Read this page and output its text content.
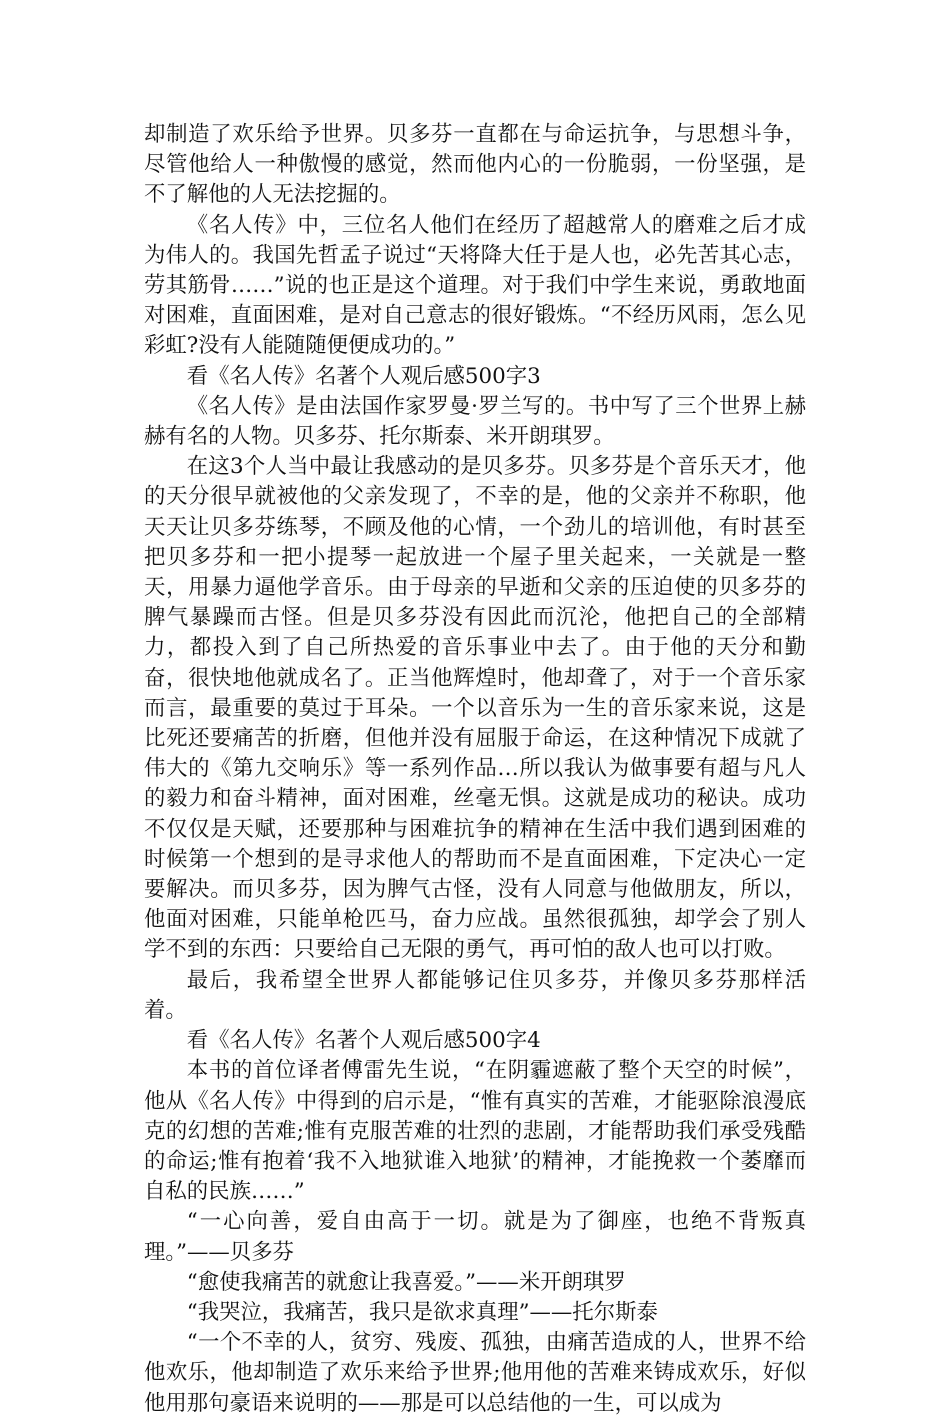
却制造了欢乐给予世界。贝多芬一直都在与命运抗争，与思想斗争，尽管他给人一种傲慢的感觉，然而他内心的一份脆弱，一份坚强，是不了解他的人无法挖掘的。

《名人传》中，三位名人他们在经历了超越常人的磨难之后才成为伟人的。我国先哲孟子说过“天将降大任于是人也，必先苦其心志，劳其筋骨……”说的也正是这个道理。对于我们中学生来说，勇敢地面对困难，直面困难，是对自己意志的很好锻炼。“不经历风雨，怎么见彩虹?没有人能随随便便成功的。”

看《名人传》名著个人观后感500字3

《名人传》是由法国作家罗曼·罗兰写的。书中写了三个世界上赫赫有名的人物。贝多芬、托尔斯泰、米开朗琪罗。

在这3个人当中最让我感动的是贝多芬。贝多芬是个音乐天才，他的天分很早就被他的父亲发现了，不幸的是，他的父亲并不称职，他天天让贝多芬练琴，不顾及他的心情，一个劲儿的培训他，有时甚至把贝多芬和一把小提琴一起放进一个屋子里关起来，一关就是一整天，用暴力逼他学音乐。由于母亲的早逝和父亲的压迫使的贝多芬的脾气暴躁而古怪。但是贝多芬没有因此而沉沦，他把自己的全部精力，都投入到了自己所热爱的音乐事业中去了。由于他的天分和勤奋，很快地他就成名了。正当他辉煌时，他却聋了，对于一个音乐家而言，最重要的莫过于耳朵。一个以音乐为一生的音乐家来说，这是比死还要痛苦的折磨，但他并没有屈服于命运，在这种情况下成就了伟大的《第九交响乐》等一系列作品…所以我认为做事要有超与凡人的毅力和奋斗精神，面对困难，丝毫无惧。这就是成功的秘诀。成功不仅仅是天赋，还要那种与困难抗争的精神在生活中我们遇到困难的时候第一个想到的是寻求他人的帮助而不是直面困难，下定决心一定要解决。而贝多芬，因为脾气古怪，没有人同意与他做朋友，所以，他面对困难，只能单枪匹马，奋力应战。虽然很孤独，却学会了别人学不到的东西：只要给自己无限的勇气，再可怕的敌人也可以打败。

最后，我希望全世界人都能够记住贝多芬，并像贝多芬那样活着。

看《名人传》名著个人观后感500字4

本书的首位译者傅雷先生说，“在阴霾遮蔽了整个天空的时候”，他从《名人传》中得到的启示是，“惟有真实的苦难，才能驱除浪漫底克的幻想的苦难;惟有克服苦难的壮烈的悲剧，才能帮助我们承受残酷的命运;惟有抱着‘我不入地狱谁入地狱’的精神，才能挽救一个萎靡而自私的民族……”

“一心向善，爱自由高于一切。就是为了御座，也绝不背叛真理。”——贝多芬

“愈使我痛苦的就愈让我喜爱。”——米开朗琪罗

“我哭泣，我痛苦，我只是欲求真理”——托尔斯泰

“一个不幸的人，贫穷、残废、孤独，由痛苦造成的人，世界不给他欢乐，他却制造了欢乐来给予世界;他用他的苦难来铸成欢乐，好似他用那句豪语来说明的——那是可以总结他的一生，可以成为
